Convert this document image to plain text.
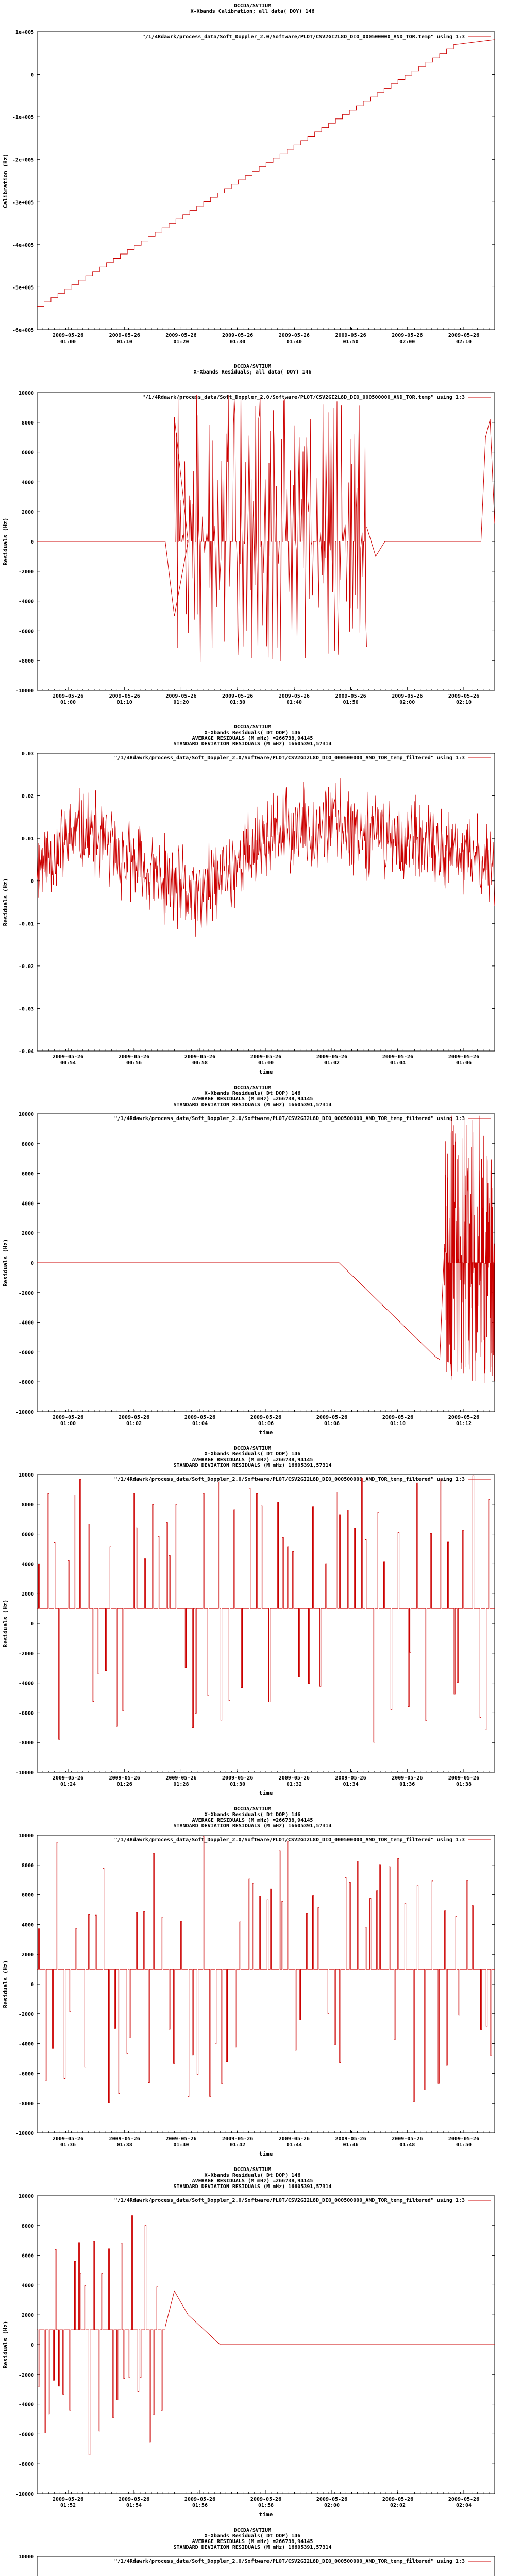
DCCDA/SVTIUM
X-Xbands Calibration; all data( DOY) 146
"/1/4Rdawrk/process_data/Soft_Doppler_2.0/Software/PLOT/CSV2GI2L8D_DIO_000500000_AND_TOR.temp" using 1:3
1e+005
0
-1e+005
-2e+005
-3e+005
-4e+005
-5e+005
-6e+005
Calibration (Hz)
2009-05-26
01:00
2009-05-26
01:10
2009-05-26
01:20
2009-05-26
01:30
2009-05-26
01:40
2009-05-26
01:50
2009-05-26
02:00
2009-05-26
02:10
DCCDA/SVTIUM
X-Xbands Residuals; all data( DOY) 146
"/1/4Rdawrk/process_data/Soft_Doppler_2.0/Software/PLOT/CSV2GI2L8D_DIO_000500000_AND_TOR.temp" using 1:3
10000
8000
6000
4000
2000
0
-2000
-4000
-6000
-8000
-10000
Residuals (Hz)
2009-05-26
01:00
2009-05-26
01:10
2009-05-26
01:20
2009-05-26
01:30
2009-05-26
01:40
2009-05-26
01:50
2009-05-26
02:00
2009-05-26
02:10
DCCDA/SVTIUM
X-Xbands Residuals( Dt DOP) 146
AVERAGE RESIDUALS (M mHz) =266738,94145
STANDARD DEVIATION RESIDUALS (M mHz) 16605391,57314
"/1/4Rdawrk/process_data/Soft_Doppler_2.0/Software/PLOT/CSV2GI2L8D_DIO_000500000_AND_TOR_temp_filtered" using 1:3
0.03
0.02
0.01
0
-0.01
-0.02
-0.03
-0.04
Residuals (Hz)
2009-05-26
00:54
2009-05-26
00:56
2009-05-26
00:58
2009-05-26
01:00
2009-05-26
01:02
2009-05-26
01:04
2009-05-26
01:06
time
DCCDA/SVTIUM
X-Xbands Residuals( Dt DOP) 146
AVERAGE RESIDUALS (M mHz) =266738,94145
STANDARD DEVIATION RESIDUALS (M mHz) 16605391,57314
"/1/4Rdawrk/process_data/Soft_Doppler_2.0/Software/PLOT/CSV2GI2L8D_DIO_000500000_AND_TOR_temp_filtered" using 1:3
10000
8000
6000
4000
2000
0
-2000
-4000
-6000
-8000
-10000
Residuals (Hz)
2009-05-26
01:00
2009-05-26
01:02
2009-05-26
01:04
2009-05-26
01:06
2009-05-26
01:08
2009-05-26
01:10
2009-05-26
01:12
time
DCCDA/SVTIUM
X-Xbands Residuals( Dt DOP) 146
AVERAGE RESIDUALS (M mHz) =266738,94145
STANDARD DEVIATION RESIDUALS (M mHz) 16605391,57314
"/1/4Rdawrk/process_data/Soft_Doppler_2.0/Software/PLOT/CSV2GI2L8D_DIO_000500000_AND_TOR_temp_filtered" using 1:3
10000
8000
6000
4000
2000
0
-2000
-4000
-6000
-8000
-10000
Residuals (Hz)
2009-05-26
01:24
2009-05-26
01:26
2009-05-26
01:28
2009-05-26
01:30
2009-05-26
01:32
2009-05-26
01:34
2009-05-26
01:36
2009-05-26
01:38
time
DCCDA/SVTIUM
X-Xbands Residuals( Dt DOP) 146
AVERAGE RESIDUALS (M mHz) =266738,94145
STANDARD DEVIATION RESIDUALS (M mHz) 16605391,57314
"/1/4Rdawrk/process_data/Soft_Doppler_2.0/Software/PLOT/CSV2GI2L8D_DIO_000500000_AND_TOR_temp_filtered" using 1:3
10000
8000
6000
4000
2000
0
-2000
-4000
-6000
-8000
-10000
Residuals (Hz)
2009-05-26
01:36
2009-05-26
01:38
2009-05-26
01:40
2009-05-26
01:42
2009-05-26
01:44
2009-05-26
01:46
2009-05-26
01:48
2009-05-26
01:50
time
DCCDA/SVTIUM
X-Xbands Residuals( Dt DOP) 146
AVERAGE RESIDUALS (M mHz) =266738,94145
STANDARD DEVIATION RESIDUALS (M mHz) 16605391,57314
"/1/4Rdawrk/process_data/Soft_Doppler_2.0/Software/PLOT/CSV2GI2L8D_DIO_000500000_AND_TOR_temp_filtered" using 1:3
10000
8000
6000
4000
2000
0
-2000
-4000
-6000
-8000
-10000
Residuals (Hz)
2009-05-26
01:52
2009-05-26
01:54
2009-05-26
01:56
2009-05-26
01:58
2009-05-26
02:00
2009-05-26
02:02
2009-05-26
02:04
time
DCCDA/SVTIUM
X-Xbands Residuals( Dt DOP) 146
AVERAGE RESIDUALS (M mHz) =266738,94145
STANDARD DEVIATION RESIDUALS (M mHz) 16605391,57314
"/1/4Rdawrk/process_data/Soft_Doppler_2.0/Software/PLOT/CSV2GI2L8D_DIO_000500000_AND_TOR_temp_filtered" using 1:3
10000
